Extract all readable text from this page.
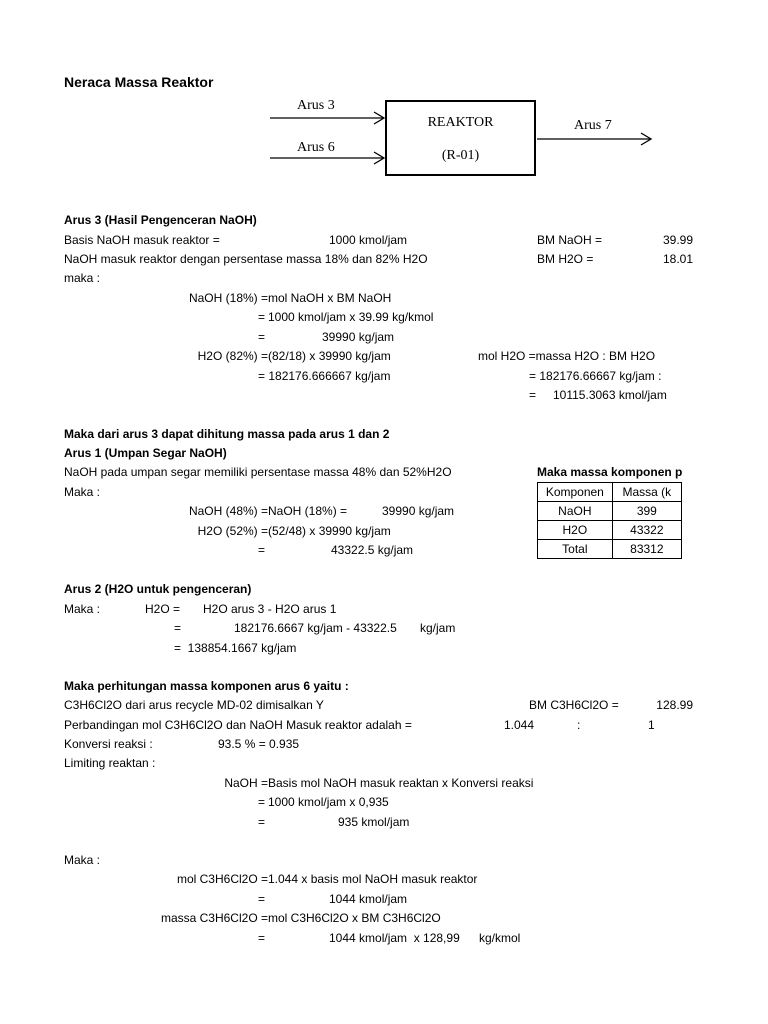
Neraca Massa Reaktor
Arus 3
Arus 6
REAKTOR
(R-01)
Arus 7
Arus 3 (Hasil Pengenceran NaOH)
Basis NaOH masuk reaktor =	1000 kmol/jam	BM NaOH =	39.99
NaOH masuk reaktor dengan persentase massa 18% dan 82% H2O	BM H2O =	18.01
maka :
NaOH (18%) = mol NaOH x BM NaOH
= 1000 kmol/jam x 39.99 kg/kmol
=	39990 kg/jam
H2O (82%) = (82/18) x 39990 kg/jam	mol H2O =massa H2O : BM H2O
= 182176.666667 kg/jam	= 182176.66667 kg/jam :
= 10115.3063 kmol/jam
Maka dari arus 3 dapat dihitung massa pada arus 1 dan 2
Arus 1 (Umpan Segar NaOH)
NaOH pada umpan segar memiliki persentase massa 48% dan 52%H2O
Maka :
NaOH (48%) = NaOH (18%) =	39990 kg/jam
H2O (52%) = (52/48) x 39990 kg/jam
=	43322.5 kg/jam
Maka massa komponen p
Komponen	Massa (k
NaOH	399
H2O	43322
Total	83312
Arus 2 (H2O untuk pengenceran)
Maka :	H2O = H2O arus 3 - H2O arus 1
=	182176.6667 kg/jam - 43322.5 kg/jam
=  138854.1667 kg/jam
Maka perhitungan massa komponen arus 6 yaitu :
C3H6Cl2O dari arus recycle MD-02 dimisalkan Y	BM C3H6Cl2O =	128.99
Perbandingan mol C3H6Cl2O dan NaOH Masuk reaktor adalah =	1.044	:	1
Konversi reaksi :	93.5 % = 0.935
Limiting reaktan :
NaOH = Basis mol NaOH masuk reaktan x Konversi reaksi
= 1000 kmol/jam x 0,935
=	935 kmol/jam
Maka :
mol C3H6Cl2O = 1.044 x basis mol NaOH masuk reaktor
=	1044 kmol/jam
massa C3H6Cl2O = mol C3H6Cl2O x BM C3H6Cl2O
=	1044 kmol/jam  x 128,99 kg/kmol
